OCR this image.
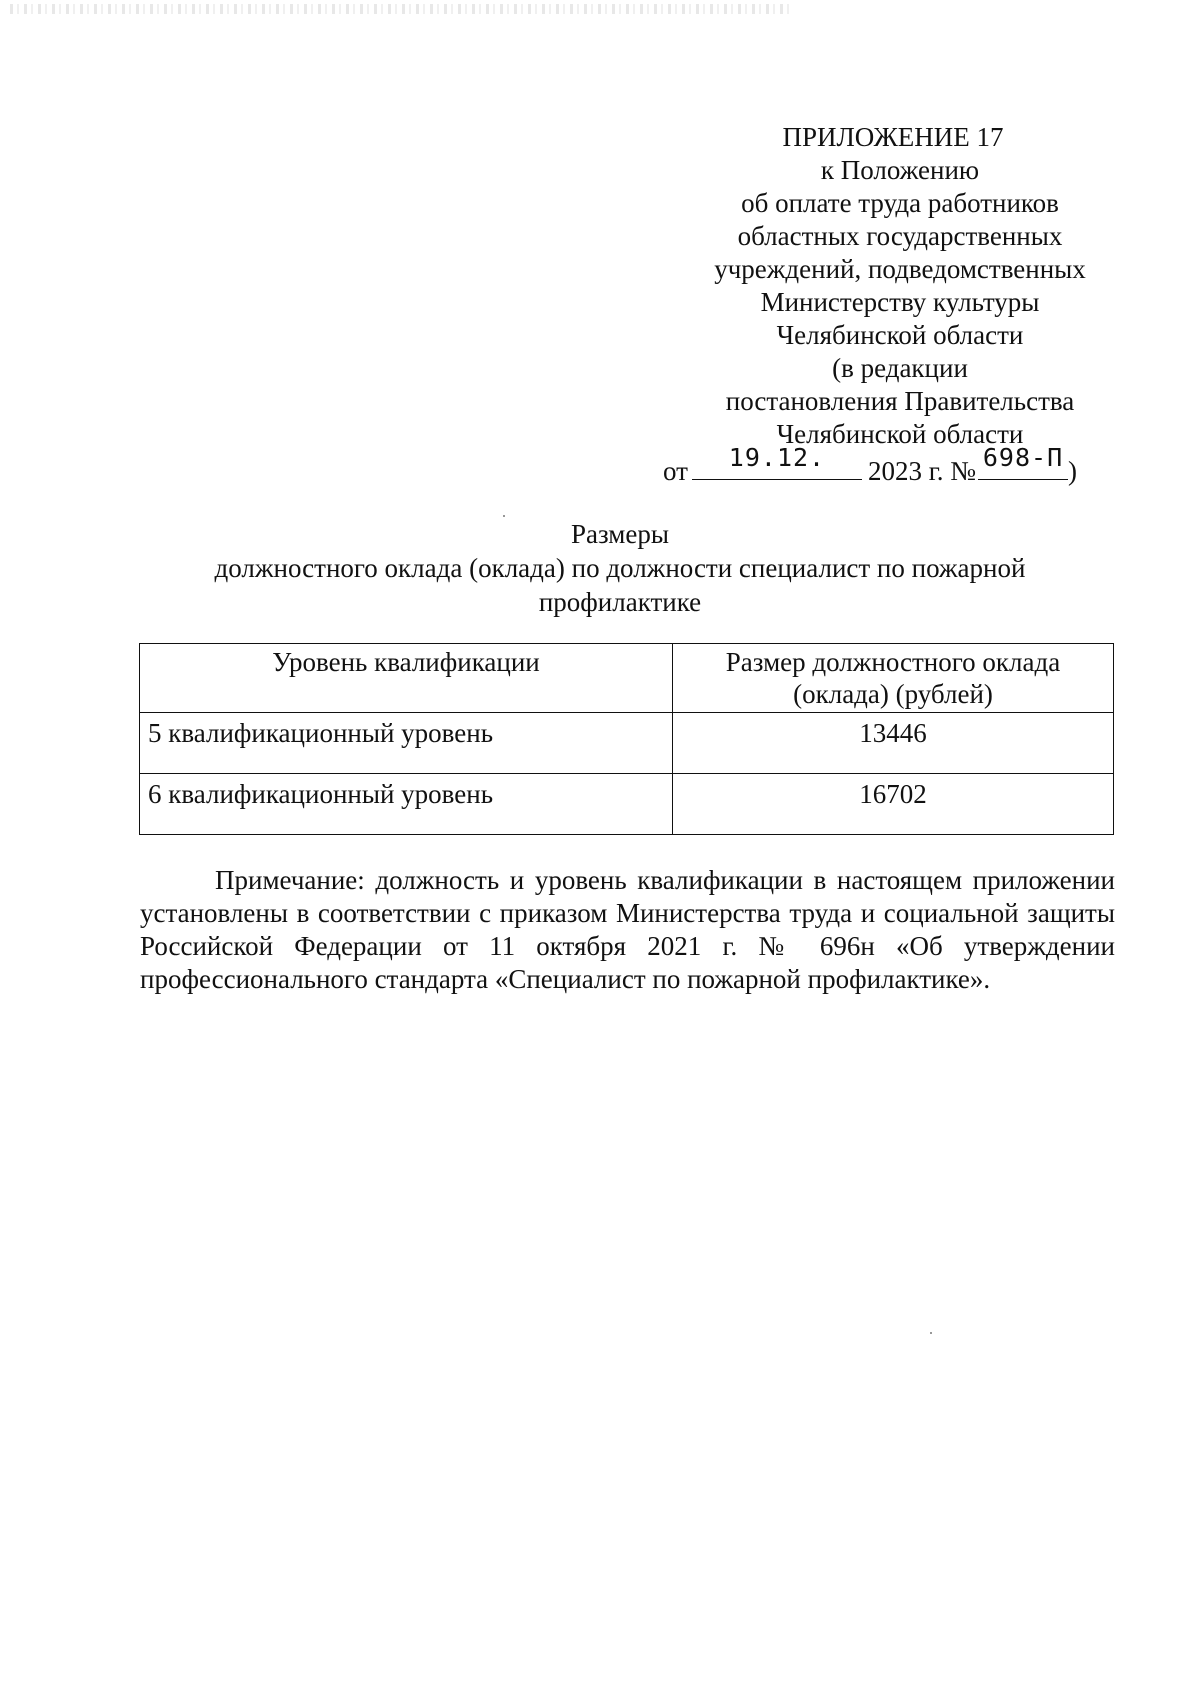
ПРИЛОЖЕНИЕ 17
к Положению
об оплате труда работников
областных государственных
учреждений, подведомственных
Министерству культуры
Челябинской области
(в редакции
постановления Правительства
Челябинской области
от	19.12.	2023 г. № 698-П )
Размеры
должностного оклада (оклада) по должности специалист по пожарной
профилактике
Уровень квалификации	Размер должностного оклада (оклада) (рублей)
5 квалификационный уровень	13446
6 квалификационный уровень	16702
Примечание: должность и уровень квалификации в настоящем приложении установлены в соответствии с приказом Министерства труда и социальной защиты Российской Федерации от 11 октября 2021 г. № 696н «Об утверждении профессионального стандарта «Специалист по пожарной профилактике».
